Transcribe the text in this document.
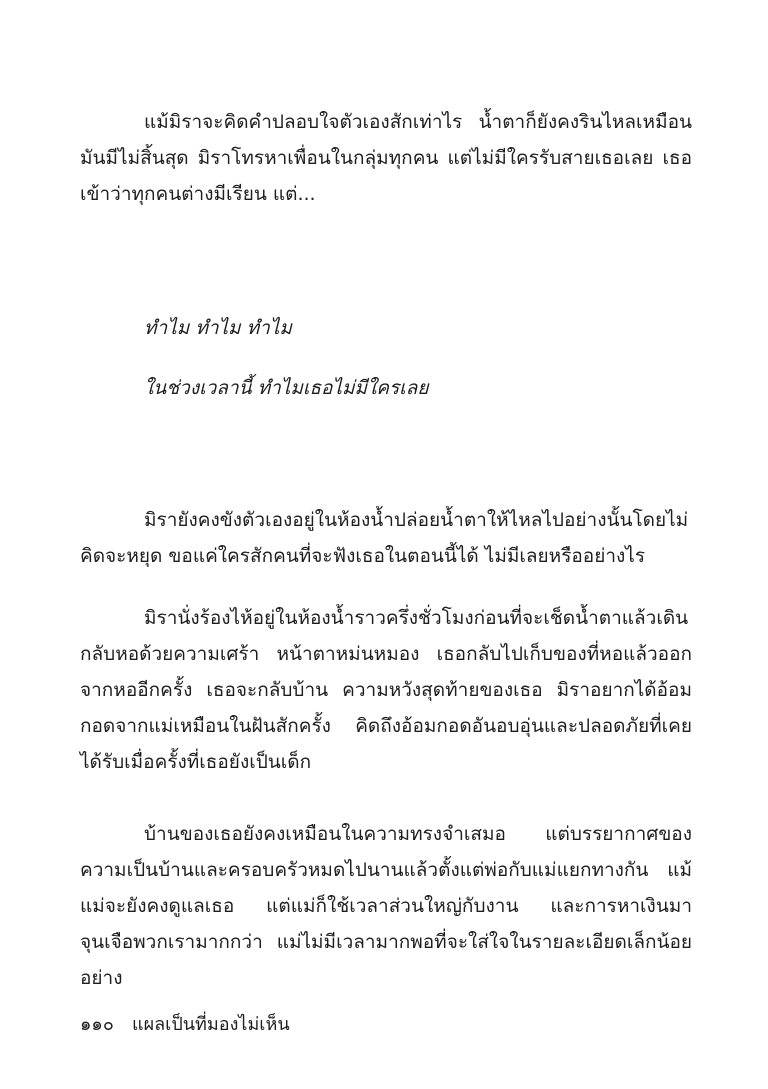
แม้มิราจะคิดคำปลอบใจตัวเองสักเท่าไร น้ำตาก็ยังคงรินไหลเหมือนมันมีไม่สิ้นสุด มิราโทรหาเพื่อนในกลุ่มทุกคน แต่ไม่มีใครรับสายเธอเลย เธอเข้าว่าทุกคนต่างมีเรียน แต่...

ทำไม ทำไม ทำไม

ในช่วงเวลานี้ ทำไมเธอไม่มีใครเลย

มิรายังคงขังตัวเองอยู่ในห้องน้ำปล่อยน้ำตาให้ไหลไปอย่างนั้นโดยไม่คิดจะหยุด ขอแค่ใครสักคนที่จะฟังเธอในตอนนี้ได้ ไม่มีเลยหรืออย่างไร

มิรานั่งร้องไห้อยู่ในห้องน้ำราวครึ่งชั่วโมงก่อนที่จะเช็ดน้ำตาแล้วเดินกลับหอด้วยความเศร้า หน้าตาหม่นหมอง เธอกลับไปเก็บของที่หอแล้วออกจากหออีกครั้ง เธอจะกลับบ้าน ความหวังสุดท้ายของเธอ มิราอยากได้อ้อมกอดจากแม่เหมือนในฝันสักครั้ง คิดถึงอ้อมกอดอันอบอุ่นและปลอดภัยที่เคยได้รับเมื่อครั้งที่เธอยังเป็นเด็ก

บ้านของเธอยังคงเหมือนในความทรงจำเสมอ แต่บรรยากาศของความเป็นบ้านและครอบครัวหมดไปนานแล้วตั้งแต่พ่อกับแม่แยกทางกัน แม้แม่จะยังคงดูแลเธอ แต่แม่ก็ใช้เวลาส่วนใหญ่กับงาน และการหาเงินมาจุนเจือพวกเรามากกว่า แม่ไม่มีเวลามากพอที่จะใส่ใจในรายละเอียดเล็กน้อยอย่าง

๑๑๐ แผลเป็นที่มองไม่เห็น
